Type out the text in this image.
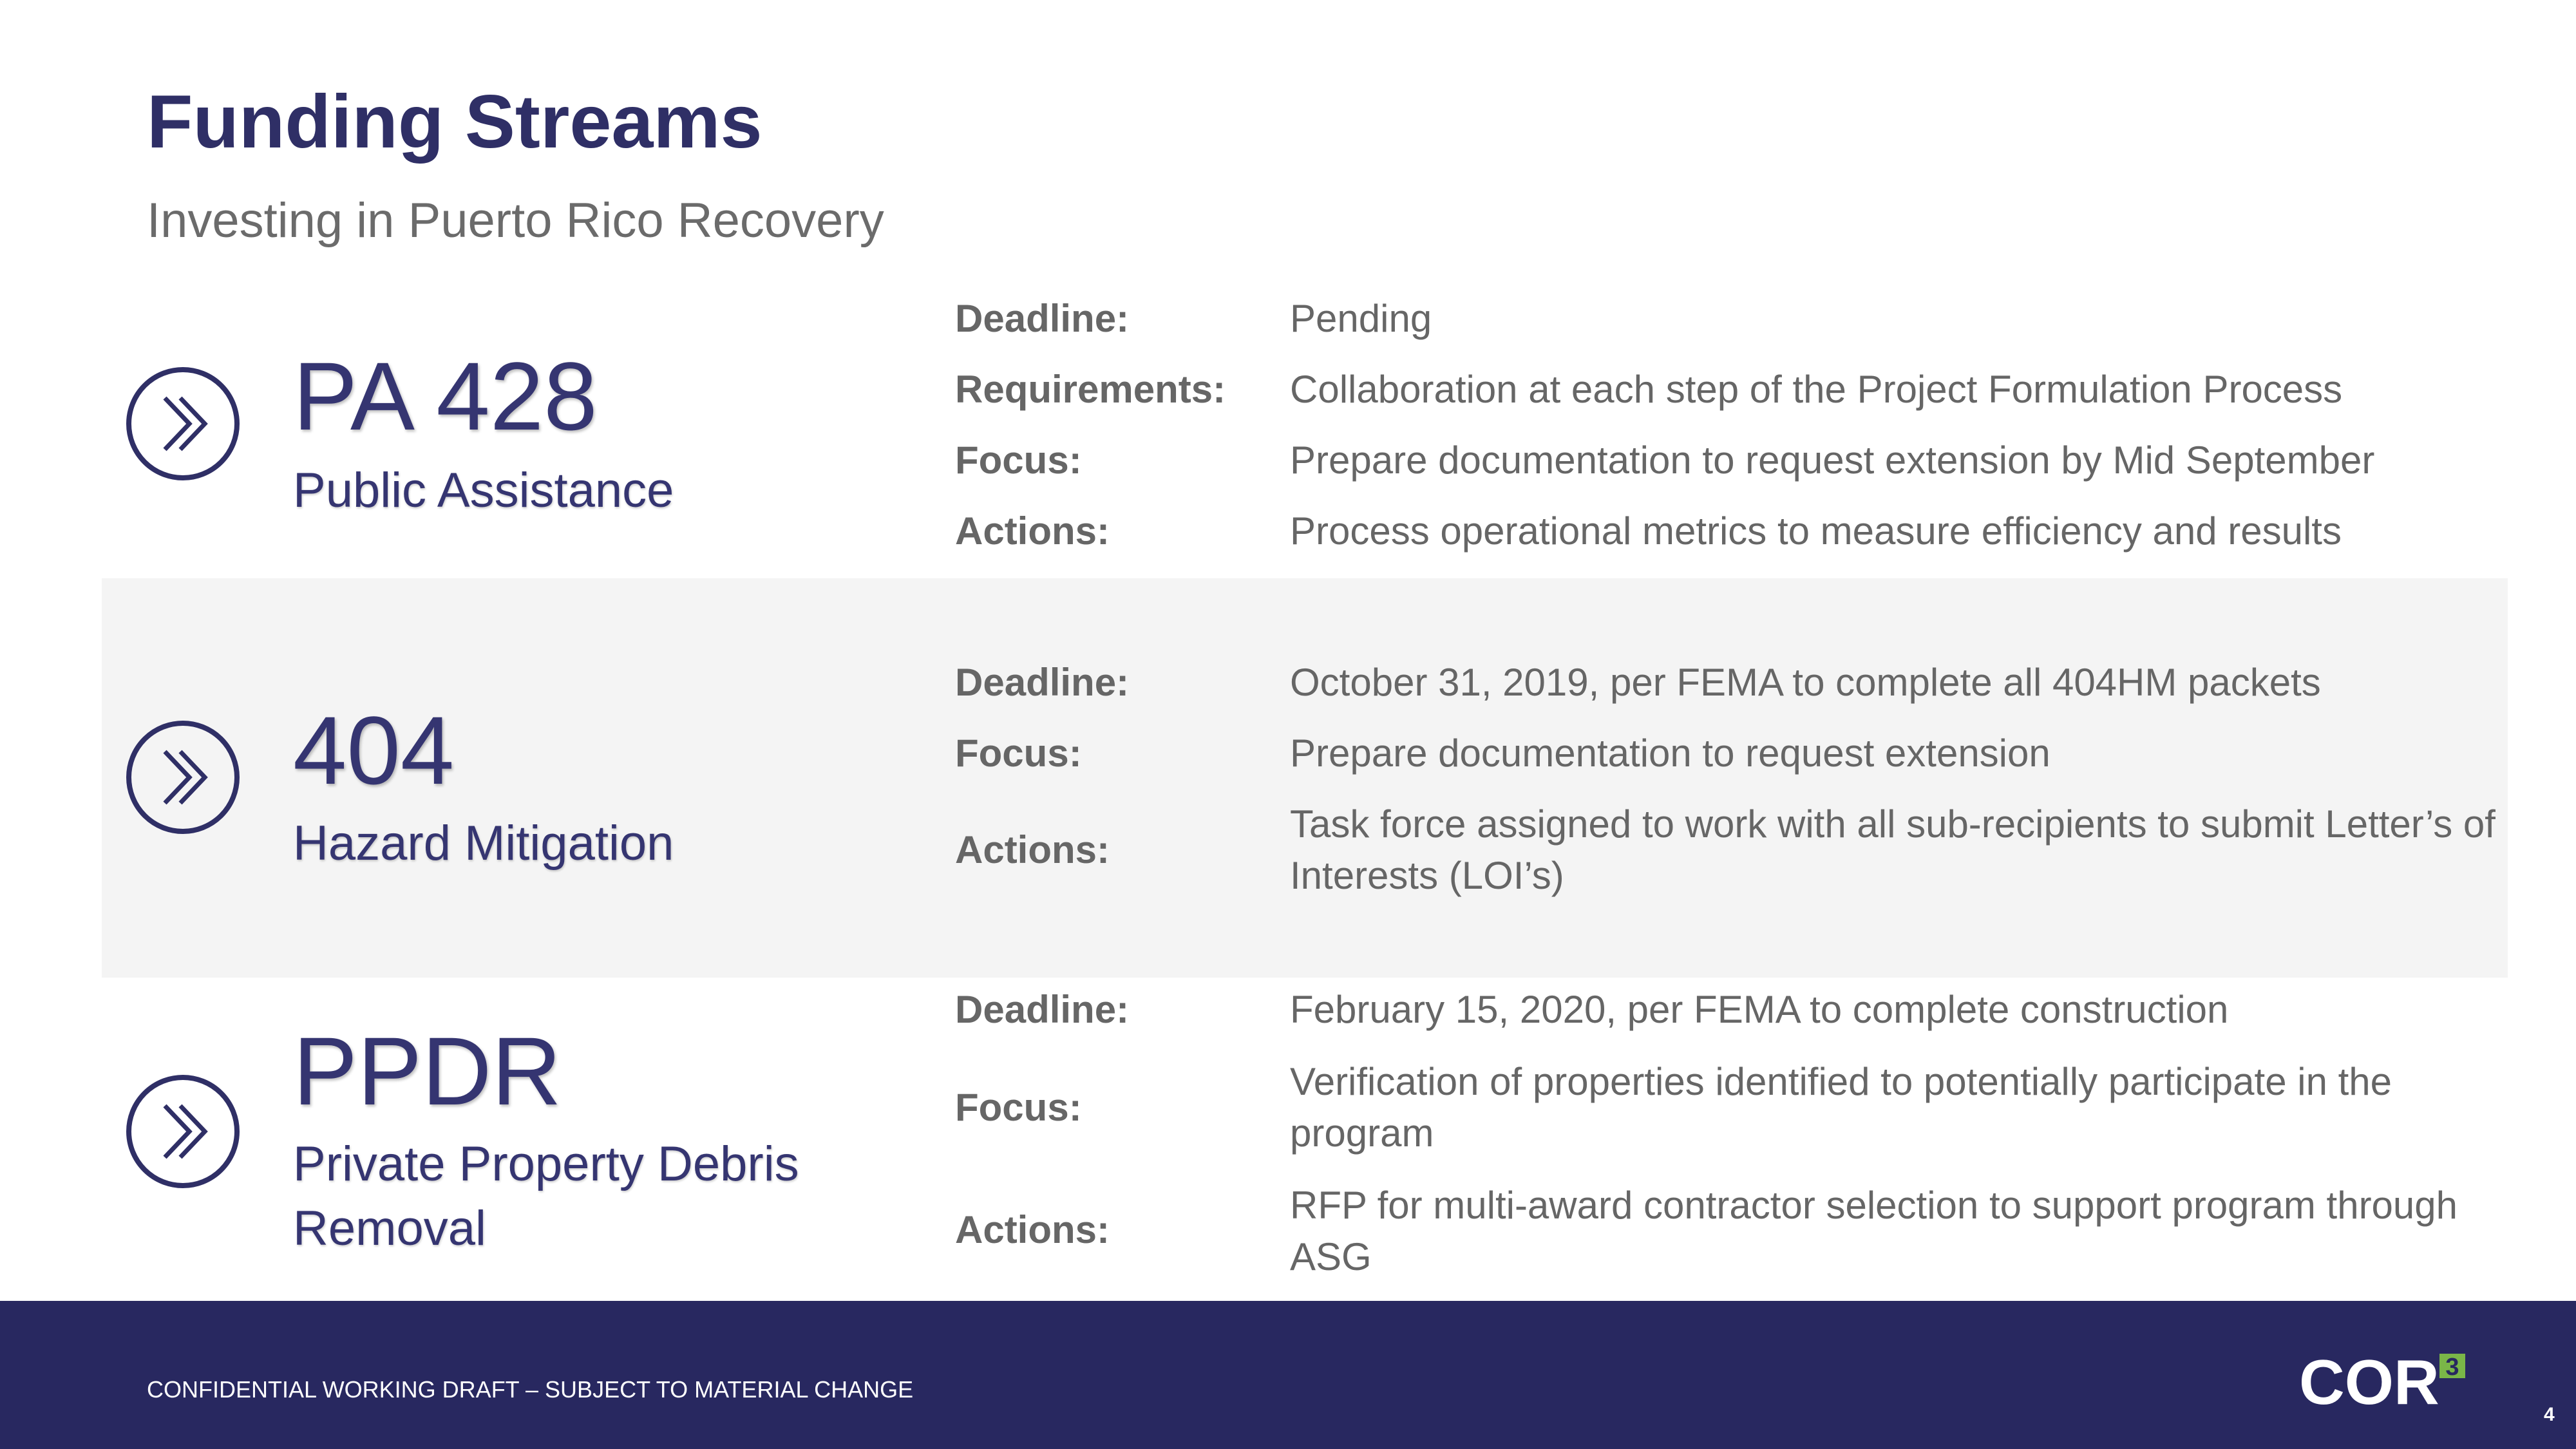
Funding Streams
Investing in Puerto Rico Recovery
PA 428
Public Assistance
Deadline:	Pending
Requirements: Collaboration at each step of the Project Formulation Process
Focus:	Prepare documentation to request extension by Mid September
Actions:	Process operational metrics to measure efficiency and results
404
Hazard Mitigation
Deadline:	October 31, 2019, per FEMA to complete all 404HM packets
Focus:	Prepare documentation to request extension
Actions:
Task force assigned to work with all sub-recipients to submit Letter’s of Interests (LOI’s)
PPDR
Private Property Debris Removal
Deadline:	February 15, 2020, per FEMA to complete construction
Focus:
Verification of properties identified to potentially participate in the program
Actions:
RFP for multi-award contractor selection to support program through ASG
CONFIDENTIAL WORKING DRAFT – SUBJECT TO MATERIAL CHANGE	COR 3
4
